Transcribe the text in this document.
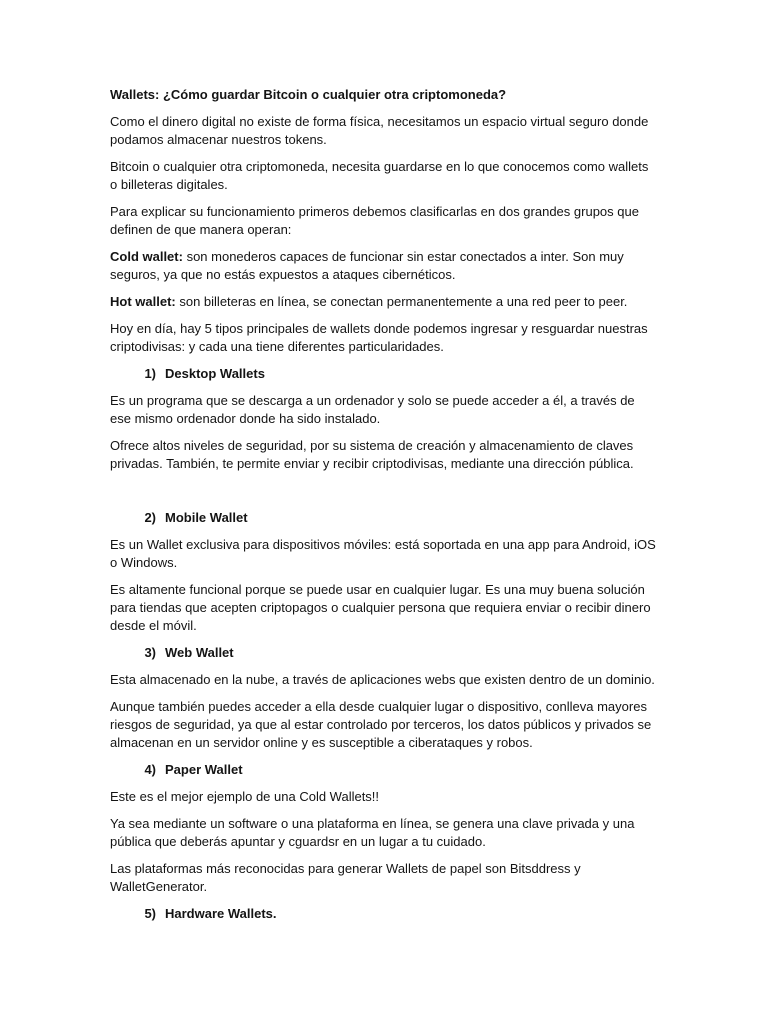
Wallets: ¿Cómo guardar Bitcoin o cualquier otra criptomoneda?

Como el dinero digital no existe de forma física, necesitamos un espacio virtual seguro donde podamos almacenar nuestros tokens.

Bitcoin o cualquier otra criptomoneda, necesita guardarse en lo que conocemos como wallets o billeteras digitales.

Para explicar su funcionamiento primeros debemos clasificarlas en dos grandes grupos que definen de que manera operan:

Cold wallet: son monederos capaces de funcionar sin estar conectados a inter. Son muy seguros, ya que no estás expuestos a ataques cibernéticos.

Hot wallet: son billeteras en línea, se conectan permanentemente a una red peer to peer.

Hoy en día, hay 5 tipos principales de wallets donde podemos ingresar y resguardar nuestras criptodivisas: y cada una tiene diferentes particularidades.

1) Desktop Wallets

Es un programa que se descarga a un ordenador y solo se puede acceder a él, a través de ese mismo ordenador donde ha sido instalado.

Ofrece altos niveles de seguridad, por su sistema de creación y almacenamiento de claves privadas. También, te permite enviar y recibir criptodivisas, mediante una dirección pública.

2) Mobile Wallet

Es un Wallet exclusiva para dispositivos móviles: está soportada en una app para Android, iOS o Windows.

Es altamente funcional porque se puede usar en cualquier lugar. Es una muy buena solución para tiendas que acepten criptopagos o cualquier persona que requiera enviar o recibir dinero desde el móvil.

3) Web Wallet

Esta almacenado en la nube, a través de aplicaciones webs que existen dentro de un dominio.

Aunque también puedes acceder a ella desde cualquier lugar o dispositivo, conlleva mayores riesgos de seguridad, ya que al estar controlado por terceros, los datos públicos y privados se almacenan en un servidor online y es susceptible a ciberataques y robos.

4) Paper Wallet

Este es el mejor ejemplo de una Cold Wallets!!

Ya sea mediante un software o una plataforma en línea, se genera una clave privada y una pública que deberás apuntar y cguardsr en un lugar a tu cuidado.

Las plataformas más reconocidas para generar Wallets de papel son Bitsddress y WalletGenerator.

5) Hardware Wallets.
